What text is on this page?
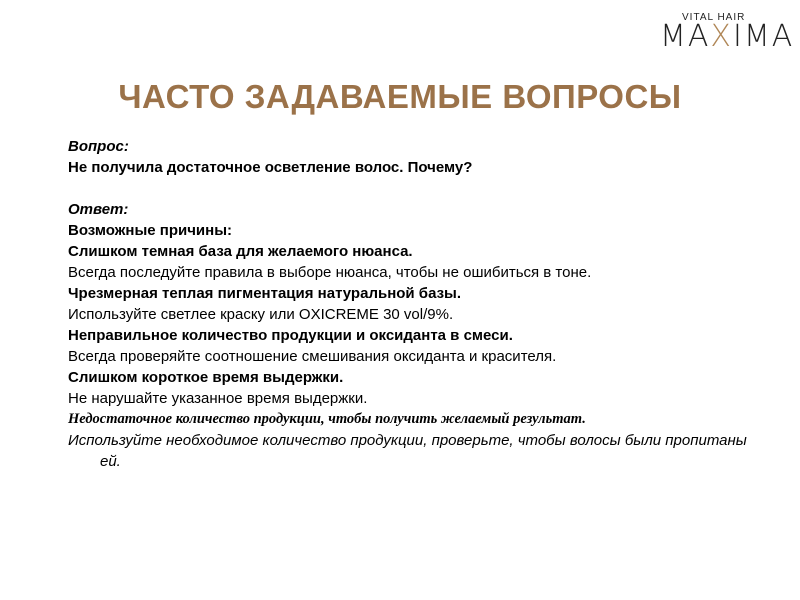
VITAL HAIR
MAXIMA
ЧАСТО ЗАДАВАЕМЫЕ ВОПРОСЫ
Вопрос:
Не получила достаточное осветление волос. Почему?
Ответ:
Возможные причины:
Слишком темная база для желаемого нюанса.
Всегда последуйте правила в выборе нюанса, чтобы не ошибиться в тоне.
Чрезмерная теплая пигментация натуральной базы.
Используйте светлее краску или OXICREME 30 vol/9%.
Неправильное количество продукции и оксиданта в смеси.
Всегда проверяйте соотношение смешивания оксиданта и красителя.
Слишком короткое время выдержки.
Не нарушайте указанное время выдержки.
Недостаточное количество продукции, чтобы получить желаемый результат.
Используйте необходимое количество продукции, проверьте, чтобы волосы были пропитаны ей.
